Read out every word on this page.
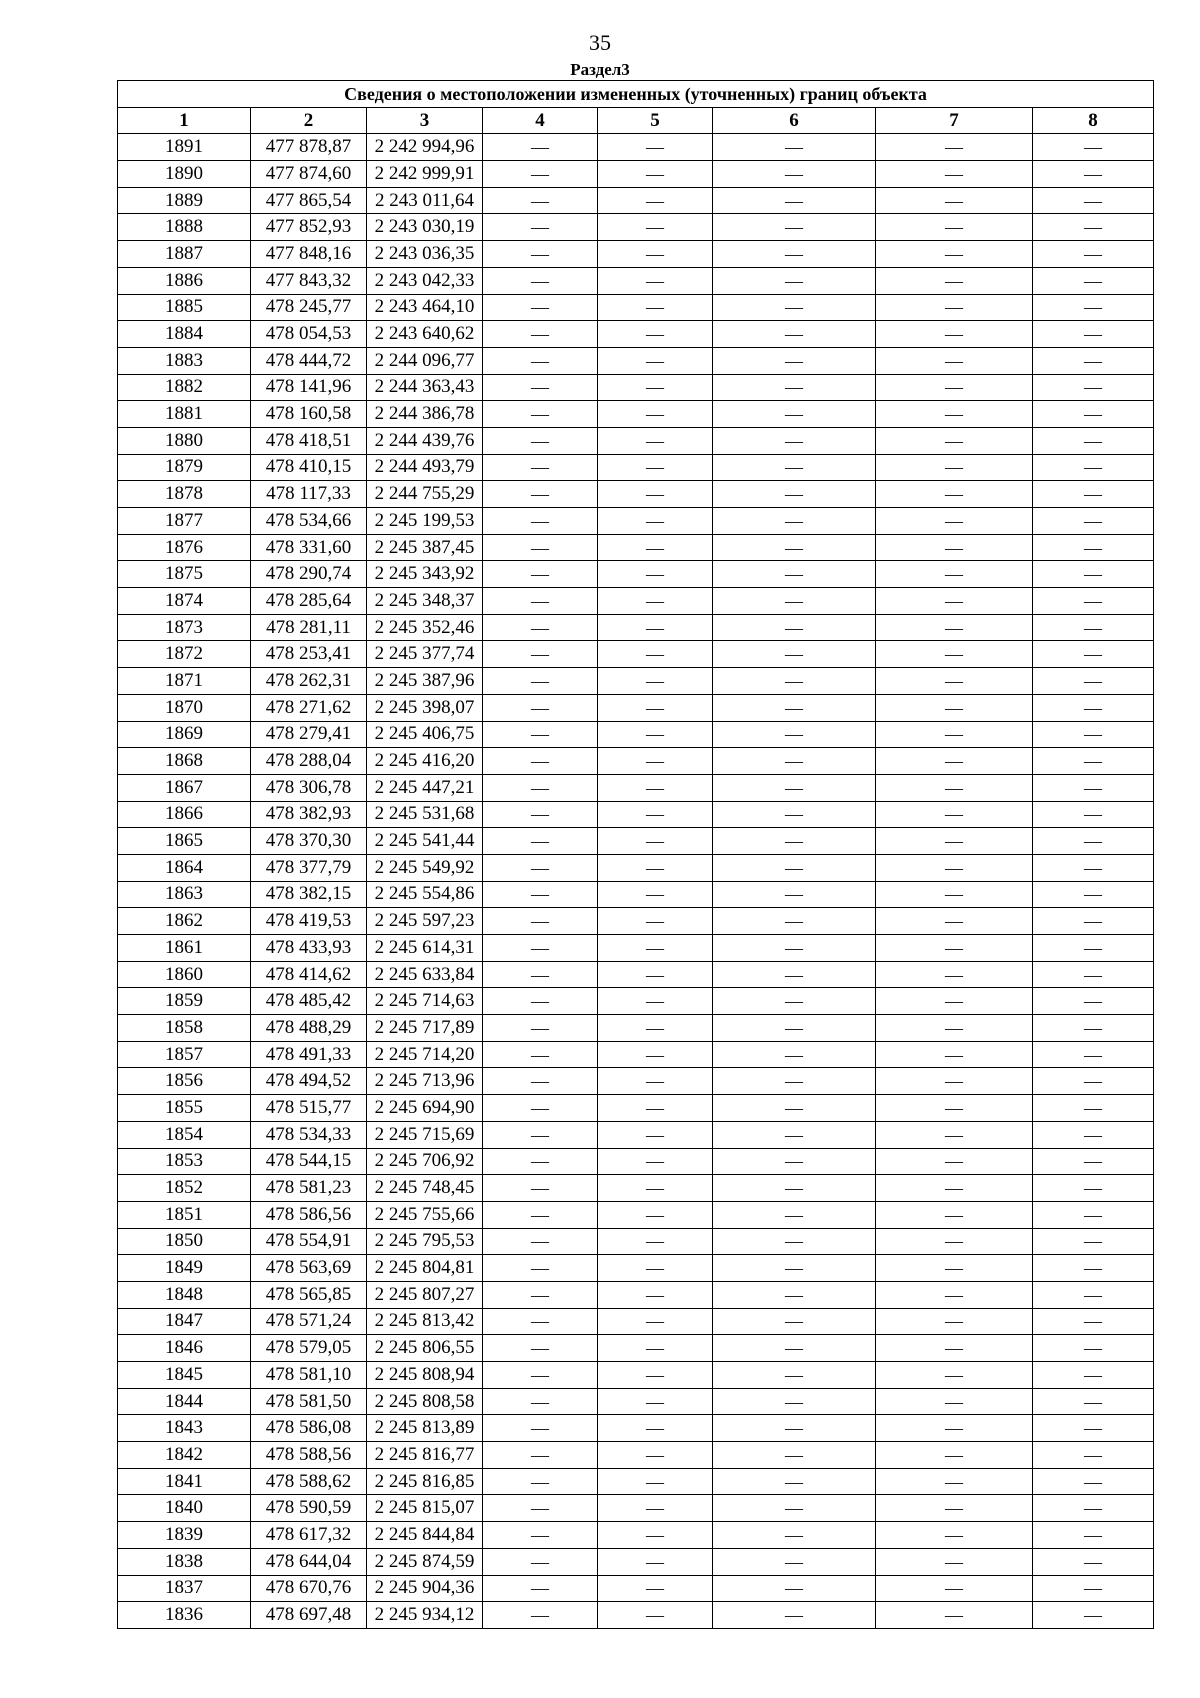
35
Раздел3
Сведения о местоположении измененных (уточненных) границ объекта							
1	2	3	4	5	6	7	8
1891	477 878,87	2 242 994,96	—	—	—	—	—
1890	477 874,60	2 242 999,91	—	—	—	—	—
1889	477 865,54	2 243 011,64	—	—	—	—	—
1888	477 852,93	2 243 030,19	—	—	—	—	—
1887	477 848,16	2 243 036,35	—	—	—	—	—
1886	477 843,32	2 243 042,33	—	—	—	—	—
1885	478 245,77	2 243 464,10	—	—	—	—	—
1884	478 054,53	2 243 640,62	—	—	—	—	—
1883	478 444,72	2 244 096,77	—	—	—	—	—
1882	478 141,96	2 244 363,43	—	—	—	—	—
1881	478 160,58	2 244 386,78	—	—	—	—	—
1880	478 418,51	2 244 439,76	—	—	—	—	—
1879	478 410,15	2 244 493,79	—	—	—	—	—
1878	478 117,33	2 244 755,29	—	—	—	—	—
1877	478 534,66	2 245 199,53	—	—	—	—	—
1876	478 331,60	2 245 387,45	—	—	—	—	—
1875	478 290,74	2 245 343,92	—	—	—	—	—
1874	478 285,64	2 245 348,37	—	—	—	—	—
1873	478 281,11	2 245 352,46	—	—	—	—	—
1872	478 253,41	2 245 377,74	—	—	—	—	—
1871	478 262,31	2 245 387,96	—	—	—	—	—
1870	478 271,62	2 245 398,07	—	—	—	—	—
1869	478 279,41	2 245 406,75	—	—	—	—	—
1868	478 288,04	2 245 416,20	—	—	—	—	—
1867	478 306,78	2 245 447,21	—	—	—	—	—
1866	478 382,93	2 245 531,68	—	—	—	—	—
1865	478 370,30	2 245 541,44	—	—	—	—	—
1864	478 377,79	2 245 549,92	—	—	—	—	—
1863	478 382,15	2 245 554,86	—	—	—	—	—
1862	478 419,53	2 245 597,23	—	—	—	—	—
1861	478 433,93	2 245 614,31	—	—	—	—	—
1860	478 414,62	2 245 633,84	—	—	—	—	—
1859	478 485,42	2 245 714,63	—	—	—	—	—
1858	478 488,29	2 245 717,89	—	—	—	—	—
1857	478 491,33	2 245 714,20	—	—	—	—	—
1856	478 494,52	2 245 713,96	—	—	—	—	—
1855	478 515,77	2 245 694,90	—	—	—	—	—
1854	478 534,33	2 245 715,69	—	—	—	—	—
1853	478 544,15	2 245 706,92	—	—	—	—	—
1852	478 581,23	2 245 748,45	—	—	—	—	—
1851	478 586,56	2 245 755,66	—	—	—	—	—
1850	478 554,91	2 245 795,53	—	—	—	—	—
1849	478 563,69	2 245 804,81	—	—	—	—	—
1848	478 565,85	2 245 807,27	—	—	—	—	—
1847	478 571,24	2 245 813,42	—	—	—	—	—
1846	478 579,05	2 245 806,55	—	—	—	—	—
1845	478 581,10	2 245 808,94	—	—	—	—	—
1844	478 581,50	2 245 808,58	—	—	—	—	—
1843	478 586,08	2 245 813,89	—	—	—	—	—
1842	478 588,56	2 245 816,77	—	—	—	—	—
1841	478 588,62	2 245 816,85	—	—	—	—	—
1840	478 590,59	2 245 815,07	—	—	—	—	—
1839	478 617,32	2 245 844,84	—	—	—	—	—
1838	478 644,04	2 245 874,59	—	—	—	—	—
1837	478 670,76	2 245 904,36	—	—	—	—	—
1836	478 697,48	2 245 934,12	—	—	—	—	—
